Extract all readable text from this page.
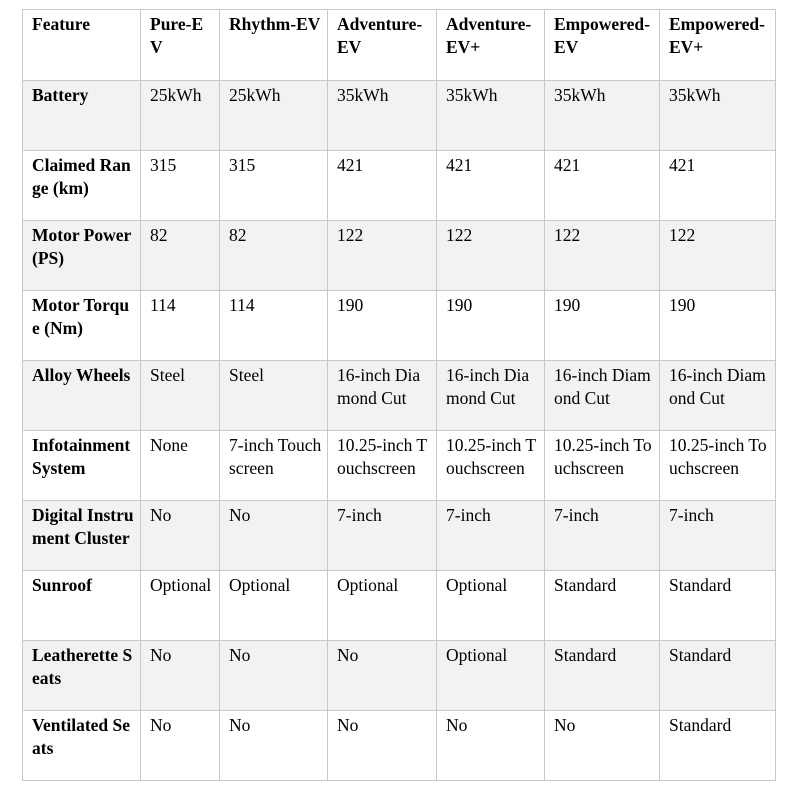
Feature	Pure-EV	Rhythm-EV	Adventure-EV	Adventure-EV+	Empowered-EV	Empowered-EV+
Battery	25kWh	25kWh	35kWh	35kWh	35kWh	35kWh
Claimed Range (km)	315	315	421	421	421	421
Motor Power (PS)	82	82	122	122	122	122
Motor Torque (Nm)	114	114	190	190	190	190
Alloy Wheels	Steel	Steel	16-inch Diamond Cut	16-inch Diamond Cut	16-inch Diamond Cut	16-inch Diamond Cut
Infotainment System	None	7-inch Touchscreen	10.25-inch Touchscreen	10.25-inch Touchscreen	10.25-inch Touchscreen	10.25-inch Touchscreen
Digital Instrument Cluster	No	No	7-inch	7-inch	7-inch	7-inch
Sunroof	Optional	Optional	Optional	Optional	Standard	Standard
Leatherette Seats	No	No	No	Optional	Standard	Standard
Ventilated Seats	No	No	No	No	No	Standard
